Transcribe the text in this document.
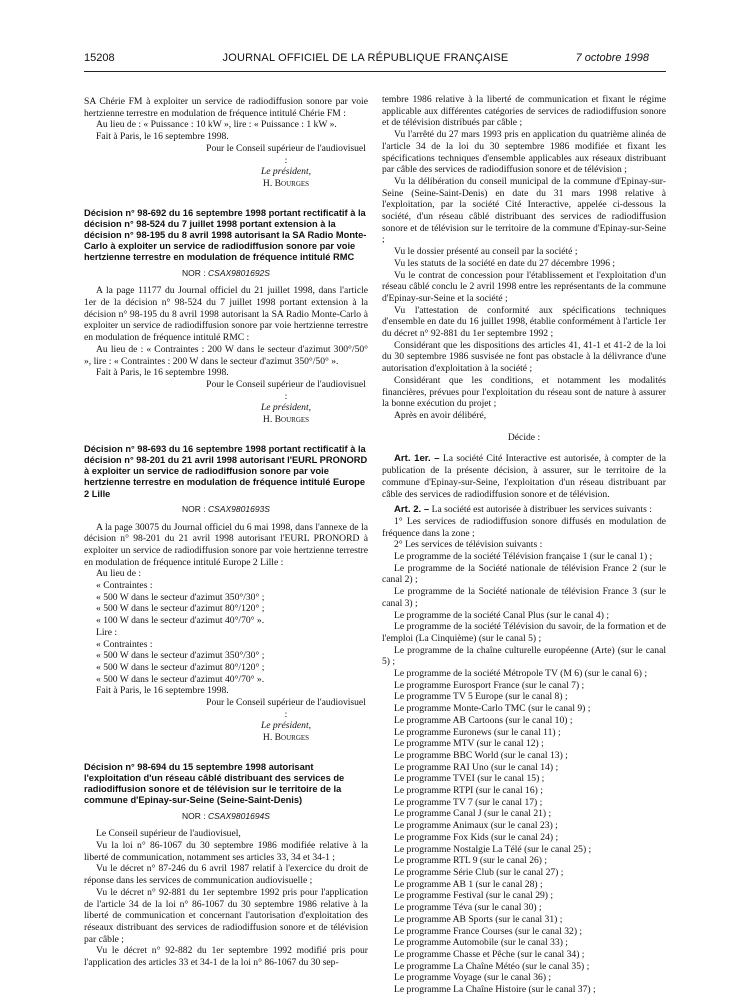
15208	JOURNAL OFFICIEL DE LA RÉPUBLIQUE FRANÇAISE	7 octobre 1998

SA Chérie FM à exploiter un service de radiodiffusion sonore par voie hertzienne terrestre en modulation de fréquence intitulé Chérie FM :

Au lieu de : « Puissance : 10 kW », lire : « Puissance : 1 kW ».

Fait à Paris, le 16 septembre 1998.

Pour le Conseil supérieur de l'audiovisuel :

Le président,

H. Bourges

Décision n° 98-692 du 16 septembre 1998 portant rectificatif à la décision n° 98-524 du 7 juillet 1998 portant extension à la décision n° 98-195 du 8 avril 1998 autorisant la SA Radio Monte-Carlo à exploiter un service de radiodiffusion sonore par voie hertzienne terrestre en modulation de fréquence intitulé RMC

NOR : CSAX9801692S

A la page 11177 du Journal officiel du 21 juillet 1998, dans l'article 1er de la décision n° 98-524 du 7 juillet 1998 portant extension à la décision n° 98-195 du 8 avril 1998 autorisant la SA Radio Monte-Carlo à exploiter un service de radiodiffusion sonore par voie hertzienne terrestre en modulation de fréquence intitulé RMC :

Au lieu de : « Contraintes : 200 W dans le secteur d'azimut 300°/50° », lire : « Contraintes : 200 W dans le secteur d'azimut 350°/50° ».

Fait à Paris, le 16 septembre 1998.

Pour le Conseil supérieur de l'audiovisuel :

Le président,

H. Bourges

Décision n° 98-693 du 16 septembre 1998 portant rectificatif à la décision n° 98-201 du 21 avril 1998 autorisant l'EURL PRONORD à exploiter un service de radiodiffusion sonore par voie hertzienne terrestre en modulation de fréquence intitulé Europe 2 Lille

NOR : CSAX9801693S

A la page 30075 du Journal officiel du 6 mai 1998, dans l'annexe de la décision n° 98-201 du 21 avril 1998 autorisant l'EURL PRONORD à exploiter un service de radiodiffusion sonore par voie hertzienne terrestre en modulation de fréquence intitulé Europe 2 Lille :

Au lieu de :

« Contraintes :

« 500 W dans le secteur d'azimut 350°/30° ;

« 500 W dans le secteur d'azimut 80°/120° ;

« 100 W dans le secteur d'azimut 40°/70° ».

Lire :

« Contraintes :

« 500 W dans le secteur d'azimut 350°/30° ;

« 500 W dans le secteur d'azimut 80°/120° ;

« 500 W dans le secteur d'azimut 40°/70° ».

Fait à Paris, le 16 septembre 1998.

Pour le Conseil supérieur de l'audiovisuel :

Le président,

H. Bourges

Décision n° 98-694 du 15 septembre 1998 autorisant l'exploitation d'un réseau câblé distribuant des services de radiodiffusion sonore et de télévision sur le territoire de la commune d'Epinay-sur-Seine (Seine-Saint-Denis)

NOR : CSAX9801694S

Le Conseil supérieur de l'audiovisuel,

Vu la loi n° 86-1067 du 30 septembre 1986 modifiée relative à la liberté de communication, notamment ses articles 33, 34 et 34-1 ;

Vu le décret n° 87-246 du 6 avril 1987 relatif à l'exercice du droit de réponse dans les services de communication audiovisuelle ;

Vu le décret n° 92-881 du 1er septembre 1992 pris pour l'application de l'article 34 de la loi n° 86-1067 du 30 septembre 1986 relative à la liberté de communication et concernant l'autorisation d'exploitation des réseaux distribuant des services de radiodiffusion sonore et de télévision par câble ;

Vu le décret n° 92-882 du 1er septembre 1992 modifié pris pour l'application des articles 33 et 34-1 de la loi n° 86-1067 du 30 sep-

tembre 1986 relative à la liberté de communication et fixant le régime applicable aux différentes catégories de services de radiodiffusion sonore et de télévision distribués par câble ;

Vu l'arrêté du 27 mars 1993 pris en application du quatrième alinéa de l'article 34 de la loi du 30 septembre 1986 modifiée et fixant les spécifications techniques d'ensemble applicables aux réseaux distribuant par câble des services de radiodiffusion sonore et de télévision ;

Vu la délibération du conseil municipal de la commune d'Epinay-sur-Seine (Seine-Saint-Denis) en date du 31 mars 1998 relative à l'exploitation, par la société Cité Interactive, appelée ci-dessous la société, d'un réseau câblé distribuant des services de radiodiffusion sonore et de télévision sur le territoire de la commune d'Epinay-sur-Seine ;

Vu le dossier présenté au conseil par la société ;

Vu les statuts de la société en date du 27 décembre 1996 ;

Vu le contrat de concession pour l'établissement et l'exploitation d'un réseau câblé conclu le 2 avril 1998 entre les représentants de la commune d'Epinay-sur-Seine et la société ;

Vu l'attestation de conformité aux spécifications techniques d'ensemble en date du 16 juillet 1998, établie conformément à l'article 1er du décret n° 92-881 du 1er septembre 1992 ;

Considérant que les dispositions des articles 41, 41-1 et 41-2 de la loi du 30 septembre 1986 susvisée ne font pas obstacle à la délivrance d'une autorisation d'exploitation à la société ;

Considérant que les conditions, et notamment les modalités financières, prévues pour l'exploitation du réseau sont de nature à assurer la bonne exécution du projet ;

Après en avoir délibéré,

Décide :

Art. 1er. – La société Cité Interactive est autorisée, à compter de la publication de la présente décision, à assurer, sur le territoire de la commune d'Epinay-sur-Seine, l'exploitation d'un réseau distribuant par câble des services de radiodiffusion sonore et de télévision.

Art. 2. – La société est autorisée à distribuer les services suivants :

1° Les services de radiodiffusion sonore diffusés en modulation de fréquence dans la zone ;

2° Les services de télévision suivants :

Le programme de la société Télévision française 1 (sur le canal 1) ;

Le programme de la Société nationale de télévision France 2 (sur le canal 2) ;

Le programme de la Société nationale de télévision France 3 (sur le canal 3) ;

Le programme de la société Canal Plus (sur le canal 4) ;

Le programme de la société Télévision du savoir, de la formation et de l'emploi (La Cinquième) (sur le canal 5) ;

Le programme de la chaîne culturelle européenne (Arte) (sur le canal 5) ;

Le programme de la société Métropole TV (M 6) (sur le canal 6) ;

Le programme Eurosport France (sur le canal 7) ;

Le programme TV 5 Europe (sur le canal 8) ;

Le programme Monte-Carlo TMC (sur le canal 9) ;

Le programme AB Cartoons (sur le canal 10) ;

Le programme Euronews (sur le canal 11) ;

Le programme MTV (sur le canal 12) ;

Le programme BBC World (sur le canal 13) ;

Le programme RAI Uno (sur le canal 14) ;

Le programme TVEI (sur le canal 15) ;

Le programme RTPI (sur le canal 16) ;

Le programme TV 7 (sur le canal 17) ;

Le programme Canal J (sur le canal 21) ;

Le programme Animaux (sur le canal 23) ;

Le programme Fox Kids (sur le canal 24) ;

Le programme Nostalgie La Télé (sur le canal 25) ;

Le programme RTL 9 (sur le canal 26) ;

Le programme Série Club (sur le canal 27) ;

Le programme AB 1 (sur le canal 28) ;

Le programme Festival (sur le canal 29) ;

Le programme Téva (sur le canal 30) ;

Le programme AB Sports (sur le canal 31) ;

Le programme France Courses (sur le canal 32) ;

Le programme Automobile (sur le canal 33) ;

Le programme Chasse et Pêche (sur le canal 34) ;

Le programme La Chaîne Météo (sur le canal 35) ;

Le programme Voyage (sur le canal 36) ;

Le programme La Chaîne Histoire (sur le canal 37) ;
